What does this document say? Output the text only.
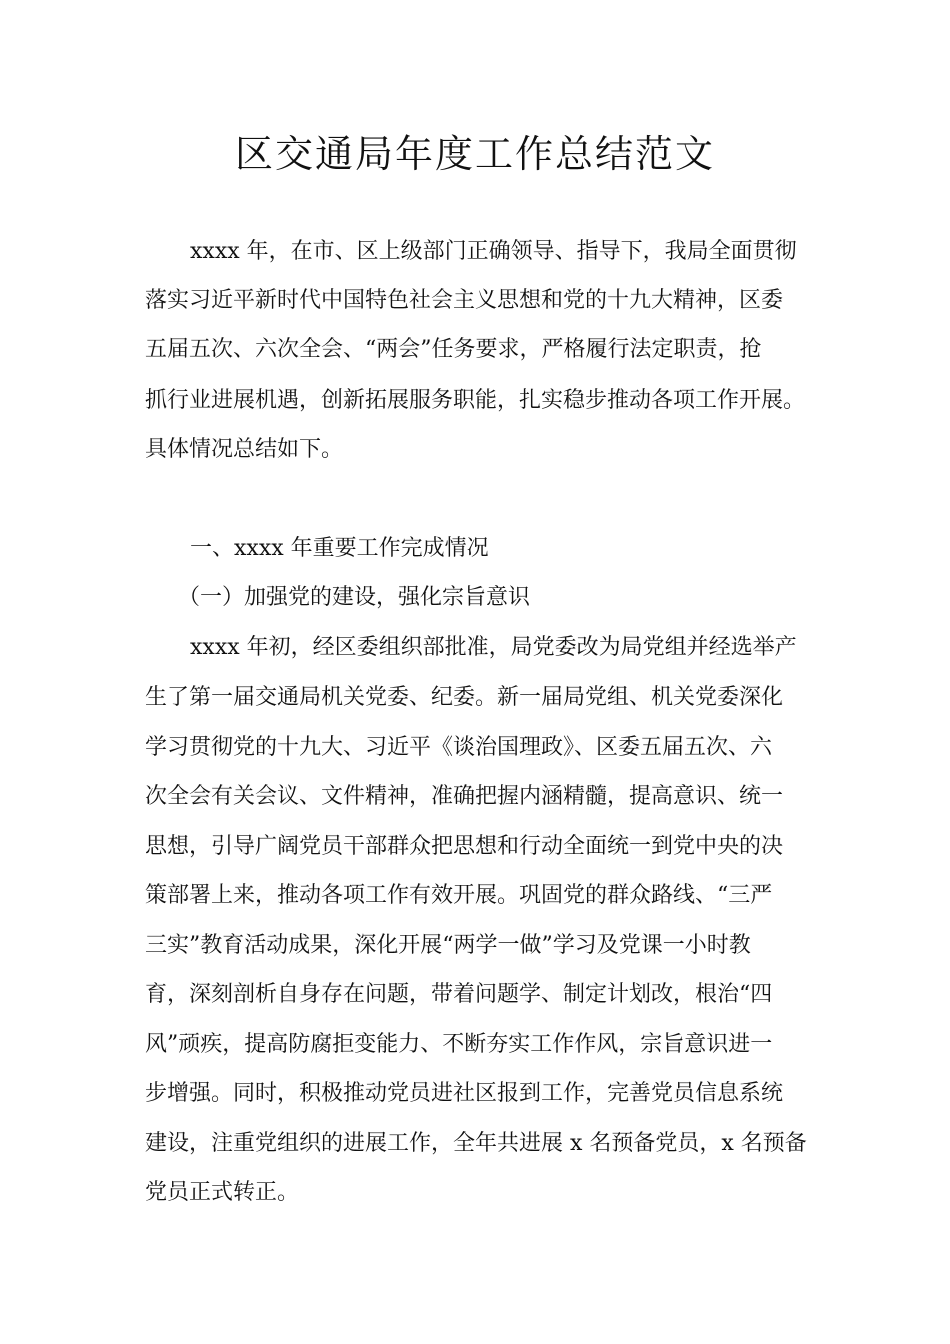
区交通局年度工作总结范文
xxxx 年，在市、区上级部门正确领导、指导下，我局全面贯彻
落实习近平新时代中国特色社会主义思想和党的十九大精神，区委
五届五次、六次全会、“两会”任务要求，严格履行法定职责，抢
抓行业进展机遇，创新拓展服务职能，扎实稳步推动各项工作开展。
具体情况总结如下。
一、xxxx 年重要工作完成情况
（一）加强党的建设，强化宗旨意识
xxxx 年初，经区委组织部批准，局党委改为局党组并经选举产
生了第一届交通局机关党委、纪委。新一届局党组、机关党委深化
学习贯彻党的十九大、习近平《谈治国理政》、区委五届五次、六
次全会有关会议、文件精神，准确把握内涵精髓，提高意识、统一
思想，引导广阔党员干部群众把思想和行动全面统一到党中央的决
策部署上来，推动各项工作有效开展。巩固党的群众路线、“三严
三实”教育活动成果，深化开展“两学一做”学习及党课一小时教
育，深刻剖析自身存在问题，带着问题学、制定计划改，根治“四
风”顽疾，提高防腐拒变能力、不断夯实工作作风，宗旨意识进一
步增强。同时，积极推动党员进社区报到工作，完善党员信息系统
建设，注重党组织的进展工作，全年共进展 x 名预备党员，x 名预备
党员正式转正。
